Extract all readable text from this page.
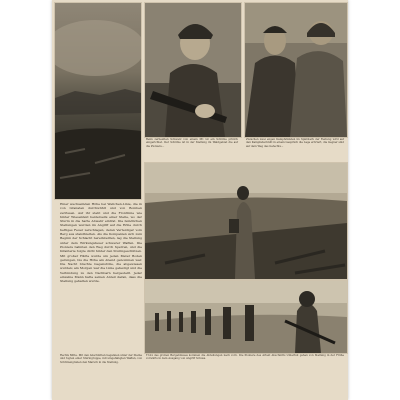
Beim zerbeulten Schwarz von einem M1 ist ein Schütze primtiv eingerichtet. Der Schütze ist in der Stellung im Waldgebiet die auf die Pioniere...

Zwischen zwei engen Kampfständen im Spärsterk der Festung wird auf den Kampfabschnitt in einem Gespräch die Lage erörtert, die Gegner sind auf dem Weg des Gefechts...

Trotz des großen Bergebnisses kommen die Abteilungen nach vorn. Die Pioniere des Arbeit Abschnitts Unterhut gehen von Stellung in der Frühe vorwärts in dem Ausgang von Angriff Schuss.

Einer wechselnden Höhe bei Welichen-Linie, die in von Granaten durchwühlt und von Bomben zerrissen. Auf ihr steht und die Frontlinie wie hinter Wiesenfeld beiderseits einer Stelle, wo der Sturm in die harte Abwehr eintrat. Die feindlichen Stellungen wurden im Angriff auf die Höhe durch heftiges Feuer zerschlagen, deren Verteidiger vom Berg aus standhielten. Als die Kompanien sich zum Beginn der Schlacht bereitstellten, lag die Stellung unter dem Wirkungsfeuer schwerer Waffen. Die Pioniere bahnten den Weg durch Sperren, und die Infanterie folgte dicht hinter den Sturmgeschützen. Mit großer Härte wurde um jeden Meter Boden gerungen, bis die Höhe am Abend genommen war. Die Nacht brachte Gegenstöße, die abgewiesen wurden; am Morgen war die Linie gefestigt und die Verbindung zu den Nachbarn hergestellt. Jeder einzelne Mann hatte seinen Anteil daran, dass die Stellung gehalten wurde.

Rechts Mitte. Mit den Abschnitten begannen unter der Steine und fogten einer Sturmgruppe, mit umgehängten Waffen, von Schützengraben den Marsch in die Stellung.
